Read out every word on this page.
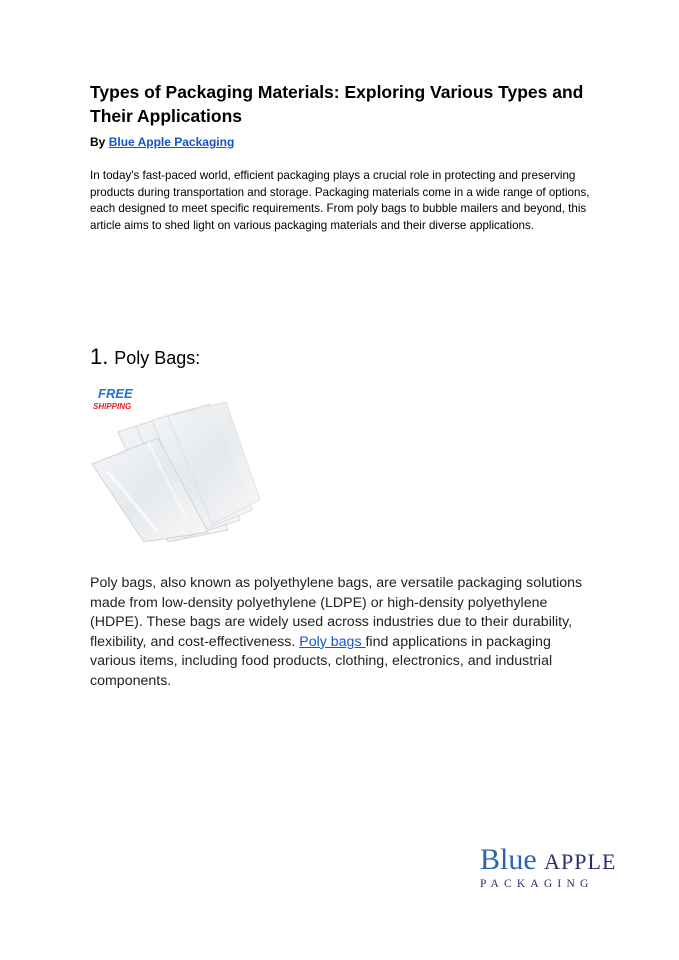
Types of Packaging Materials: Exploring Various Types and Their Applications
By Blue Apple Packaging

In today's fast-paced world, efficient packaging plays a crucial role in protecting and preserving products during transportation and storage. Packaging materials come in a wide range of options, each designed to meet specific requirements. From poly bags to bubble mailers and beyond, this article aims to shed light on various packaging materials and their diverse applications.

1. Poly Bags:
FREE
SHIPPING

Poly bags, also known as polyethylene bags, are versatile packaging solutions made from low-density polyethylene (LDPE) or high-density polyethylene (HDPE). These bags are widely used across industries due to their durability, flexibility, and cost-effectiveness. Poly bags find applications in packaging various items, including food products, clothing, electronics, and industrial components.

Blue APPLE
PACKAGING
